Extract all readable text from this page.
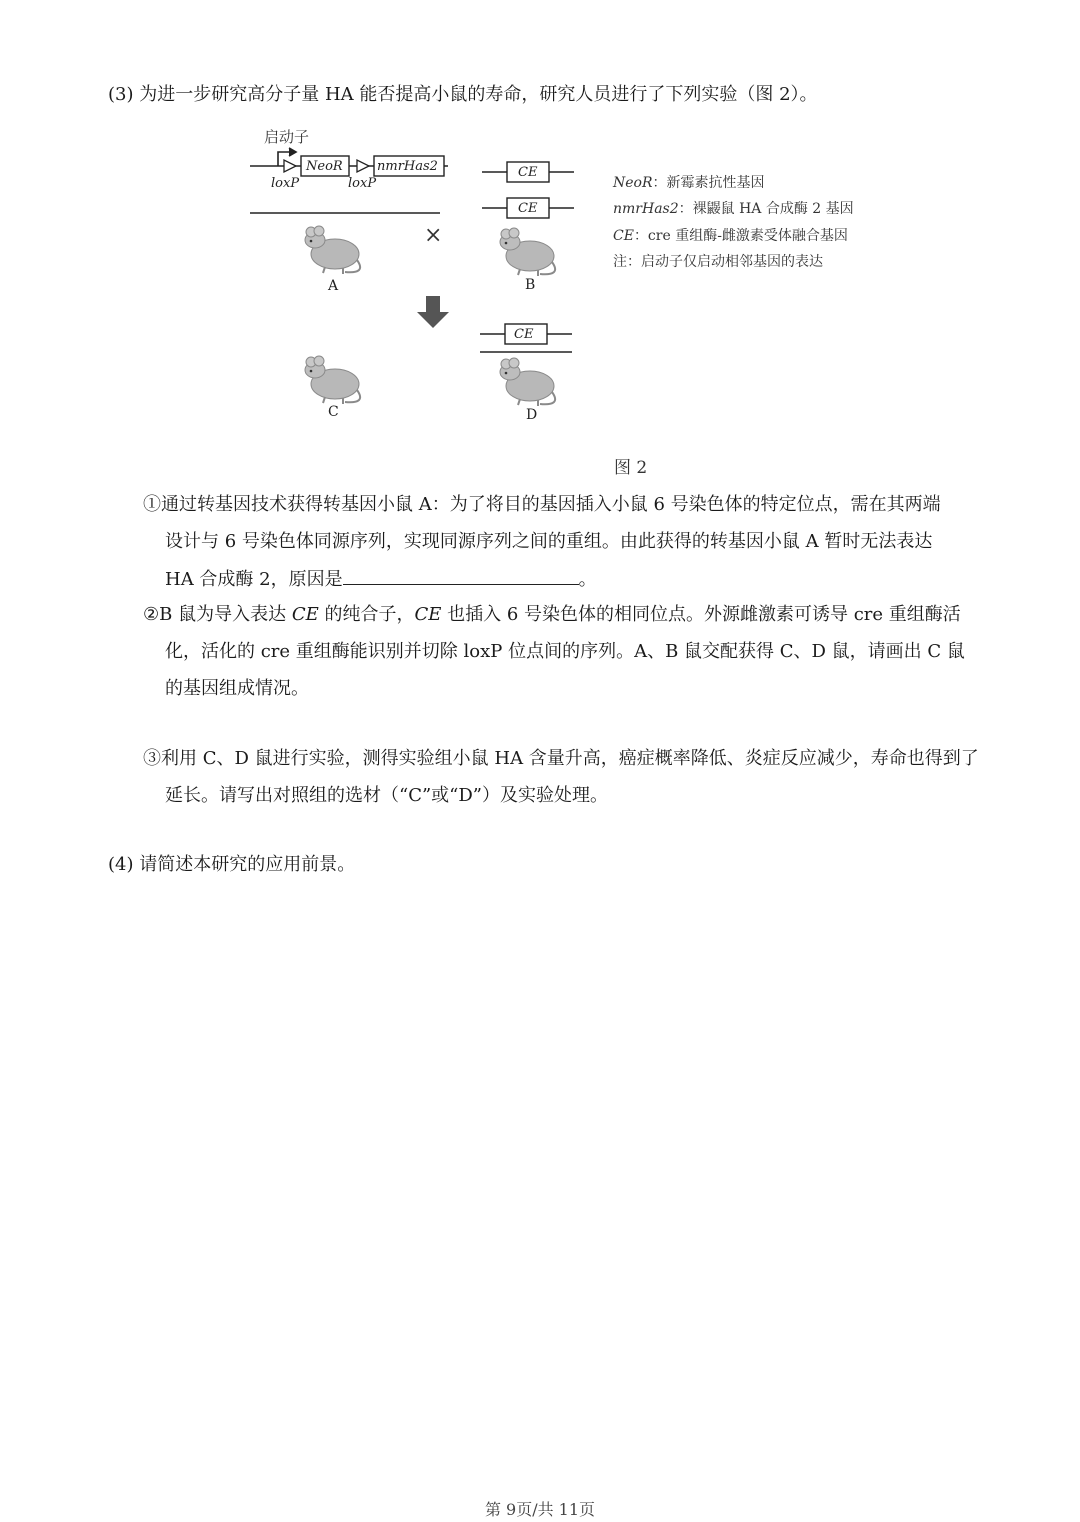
(3) 为进一步研究高分子量 HA 能否提高小鼠的寿命，研究人员进行了下列实验（图 2）。
启动子
NeoR	nmrHas2
loxP	loxP
×
CE
CE
A	B
CE
C	D
NeoR：新霉素抗性基因
nmrHas2：裸鼹鼠 HA 合成酶 2 基因
CE：cre 重组酶-雌激素受体融合基因
注：启动子仅启动相邻基因的表达
图 2
①通过转基因技术获得转基因小鼠 A：为了将目的基因插入小鼠 6 号染色体的特定位点，需在其两端
设计与 6 号染色体同源序列，实现同源序列之间的重组。由此获得的转基因小鼠 A 暂时无法表达
HA 合成酶 2，原因是	。
②B 鼠为导入表达 CE 的纯合子，CE 也插入 6 号染色体的相同位点。外源雌激素可诱导 cre 重组酶活
化，活化的 cre 重组酶能识别并切除 loxP 位点间的序列。A、B 鼠交配获得 C、D 鼠，请画出 C 鼠
的基因组成情况。
③利用 C、D 鼠进行实验，测得实验组小鼠 HA 含量升高，癌症概率降低、炎症反应减少，寿命也得到了
延长。请写出对照组的选材（“C”或“D”）及实验处理。
(4) 请简述本研究的应用前景。
第 9页/共 11页
